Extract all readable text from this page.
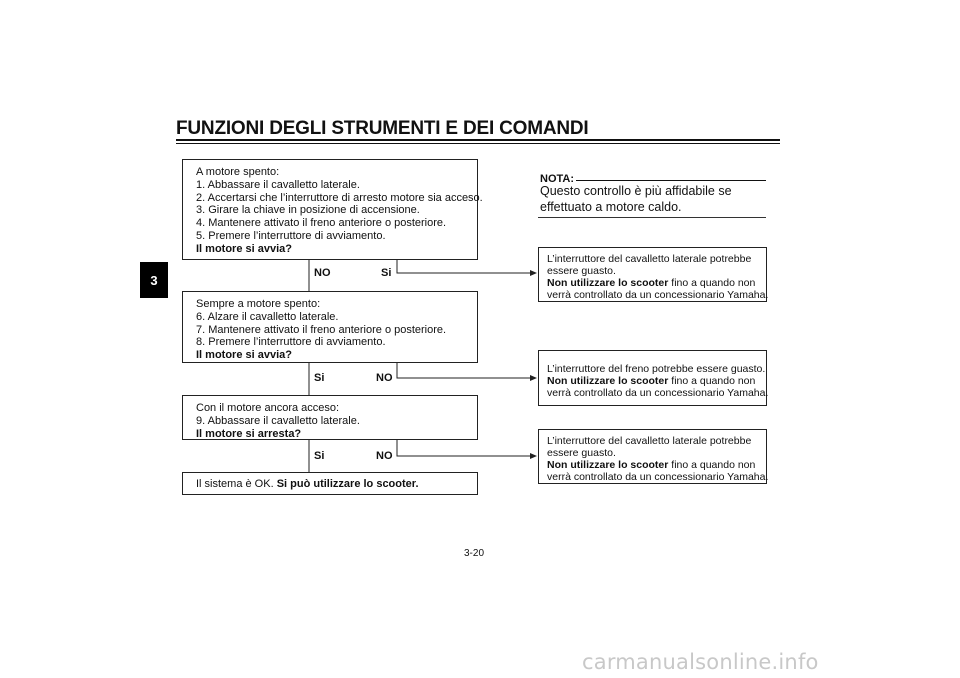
FUNZIONI DEGLI STRUMENTI E DEI COMANDI
3
A motore spento:
1. Abbassare il cavalletto laterale.
2. Accertarsi che l’interruttore di arresto motore sia acceso.
3. Girare la chiave in posizione di accensione.
4. Mantenere attivato il freno anteriore o posteriore.
5. Premere l’interruttore di avviamento.
Il motore si avvia?
NO	Si
Sempre a motore spento:
6. Alzare il cavalletto laterale.
7. Mantenere attivato il freno anteriore o posteriore.
8. Premere l’interruttore di avviamento.
Il motore si avvia?
Si	NO
Con il motore ancora acceso:
9. Abbassare il cavalletto laterale.
Il motore si arresta?
Si	NO
Il sistema è OK. Si può utilizzare lo scooter.
L’interruttore del cavalletto laterale potrebbe
essere guasto.
Non utilizzare lo scooter fino a quando non
verrà controllato da un concessionario Yamaha.
L’interruttore del freno potrebbe essere guasto.
Non utilizzare lo scooter fino a quando non
verrà controllato da un concessionario Yamaha.
L’interruttore del cavalletto laterale potrebbe
essere guasto.
Non utilizzare lo scooter fino a quando non
verrà controllato da un concessionario Yamaha.
NOTA:
Questo controllo è più affidabile se effettuato a motore caldo.
3-20
carmanualsonline.info
